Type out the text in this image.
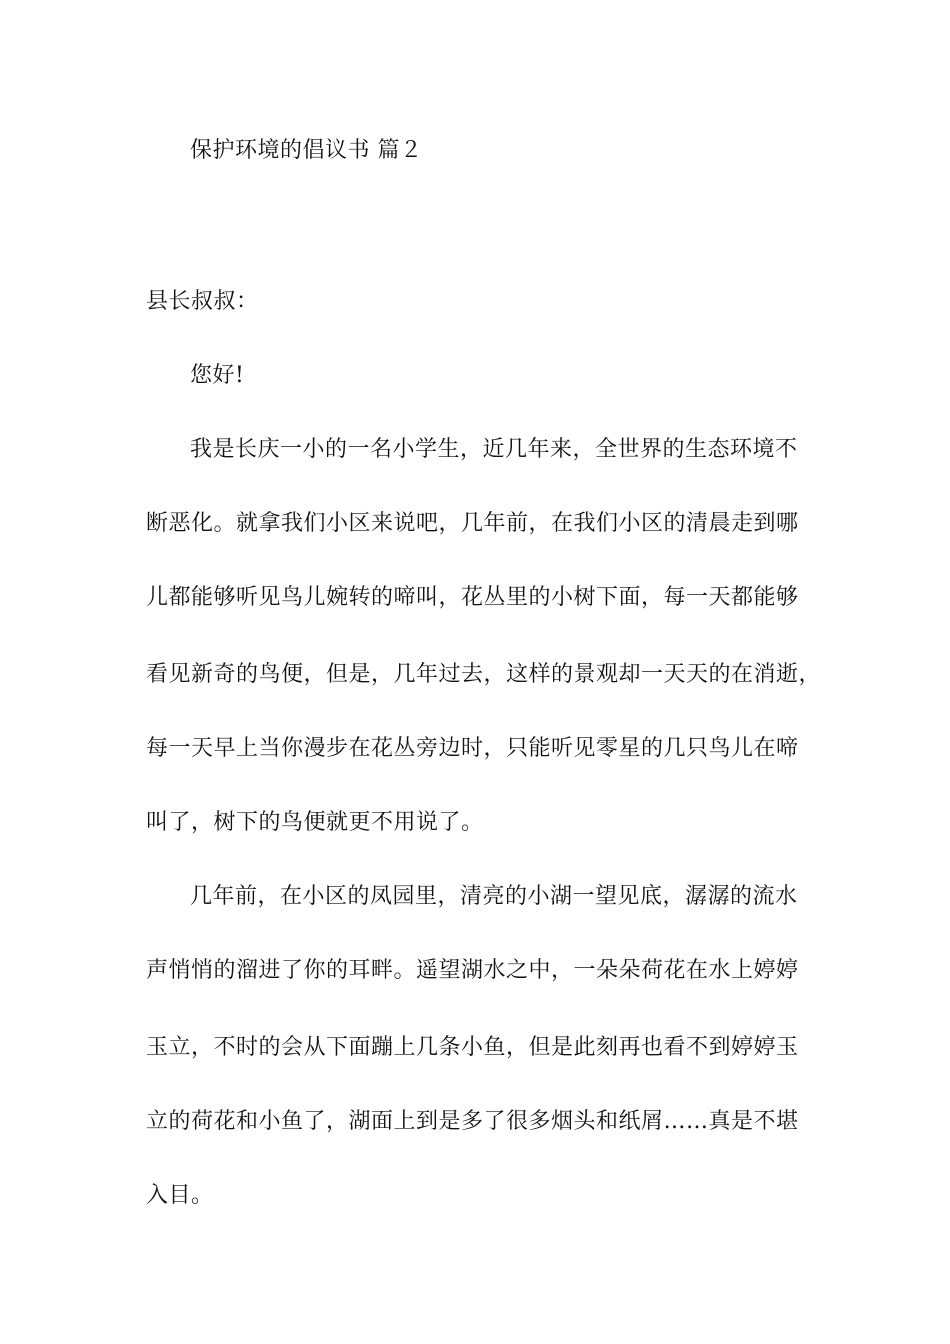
保护环境的倡议书 篇２
县长叔叔：
您好!
我是长庆一小的一名小学生，近几年来，全世界的生态环境不
断恶化。就拿我们小区来说吧，几年前，在我们小区的清晨走到哪
儿都能够听见鸟儿婉转的啼叫，花丛里的小树下面，每一天都能够
看见新奇的鸟便，但是，几年过去，这样的景观却一天天的在消逝，
每一天早上当你漫步在花丛旁边时，只能听见零星的几只鸟儿在啼
叫了，树下的鸟便就更不用说了。
几年前，在小区的凤园里，清亮的小湖一望见底，潺潺的流水
声悄悄的溜进了你的耳畔。遥望湖水之中，一朵朵荷花在水上婷婷
玉立，不时的会从下面蹦上几条小鱼，但是此刻再也看不到婷婷玉
立的荷花和小鱼了，湖面上到是多了很多烟头和纸屑……真是不堪
入目。
